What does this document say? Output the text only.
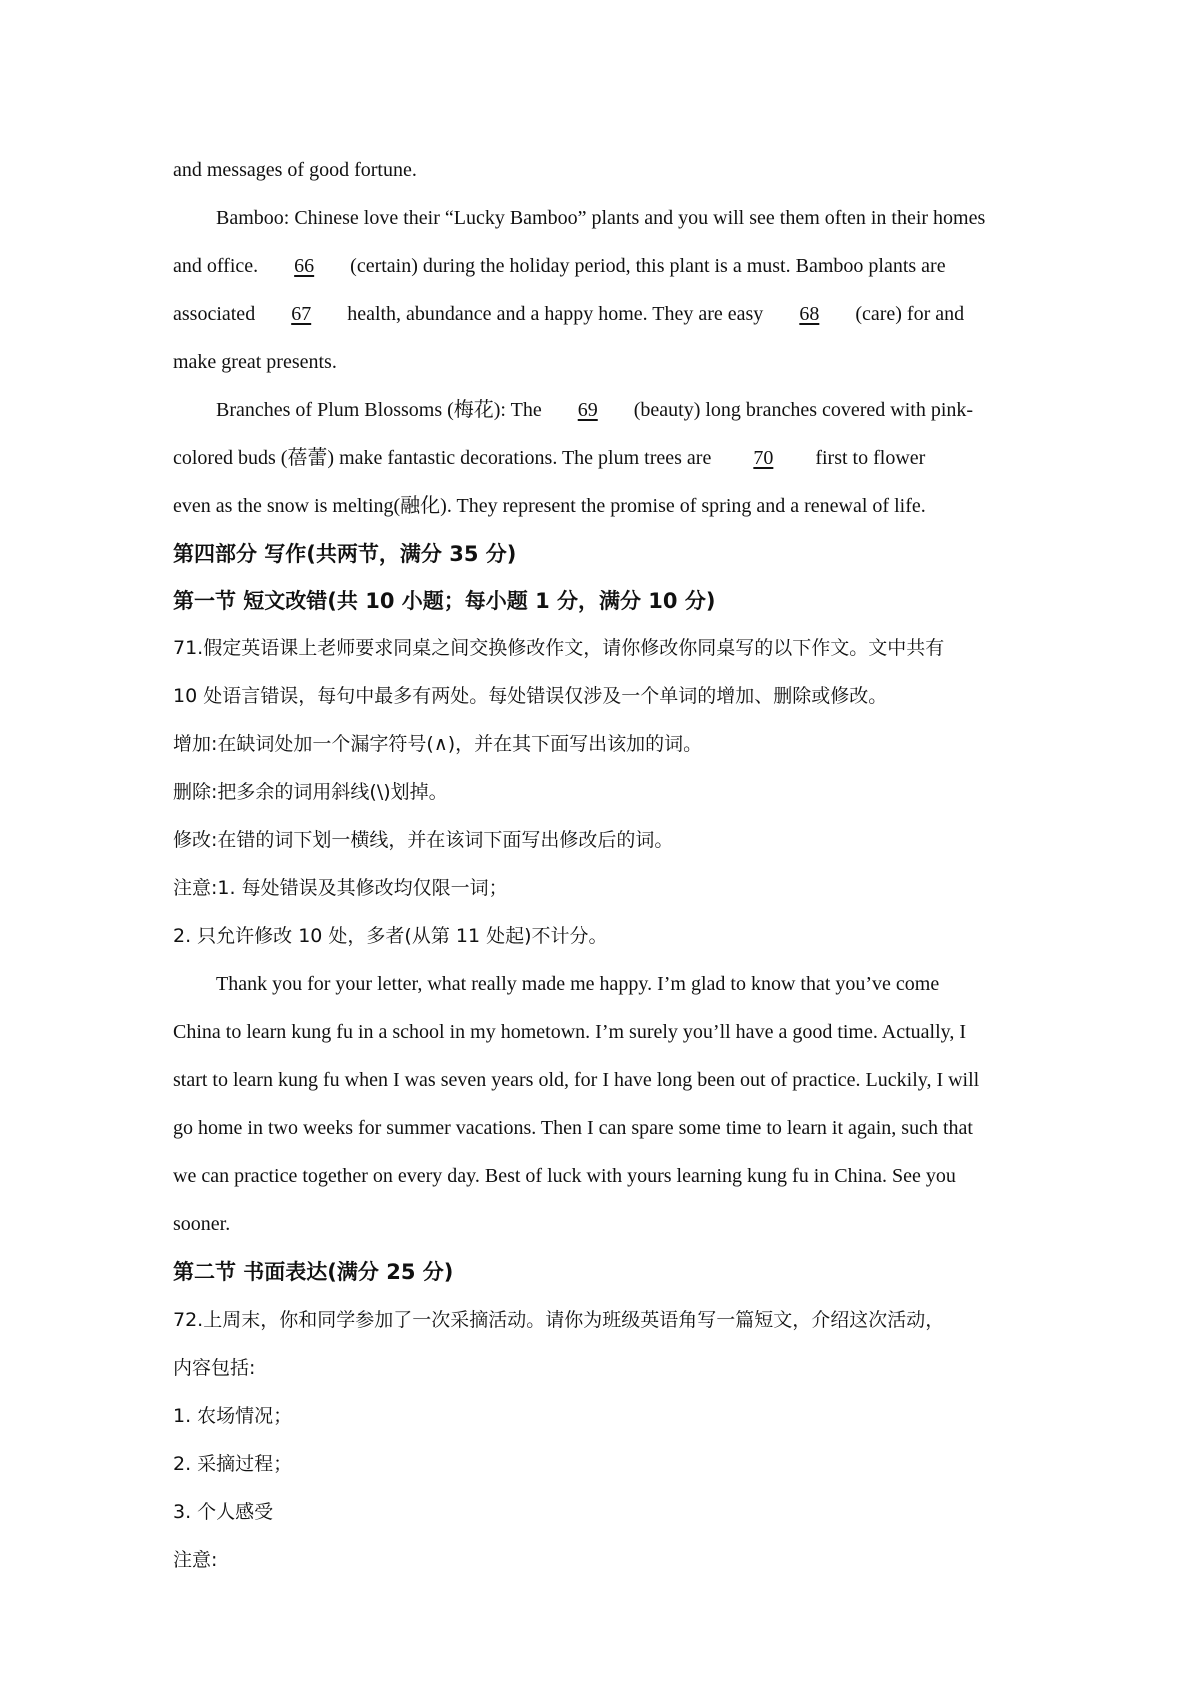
and messages of good fortune.
Bamboo: Chinese love their “Lucky Bamboo” plants and you will see them often in their homes
and office. 66 (certain) during the holiday period, this plant is a must. Bamboo plants are
associated 67 health, abundance and a happy home. They are easy 68 (care) for and
make great presents.
Branches of Plum Blossoms (梅花): The 69 (beauty) long branches covered with pink-
colored buds (蓓蕾) make fantastic decorations. The plum trees are 70 first to flower
even as the snow is melting(融化). They represent the promise of spring and a renewal of life.
第四部分 写作(共两节，满分 35 分)
第一节 短文改错(共 10 小题；每小题 1 分，满分 10 分)
71.假定英语课上老师要求同桌之间交换修改作文，请你修改你同桌写的以下作文。文中共有
10 处语言错误，每句中最多有两处。每处错误仅涉及一个单词的增加、删除或修改。
增加:在缺词处加一个漏字符号(∧)，并在其下面写出该加的词。
删除:把多余的词用斜线(\)划掉。
修改:在错的词下划一横线，并在该词下面写出修改后的词。
注意:1. 每处错误及其修改均仅限一词；
2. 只允许修改 10 处，多者(从第 11 处起)不计分。
Thank you for your letter, what really made me happy. I’m glad to know that you’ve come
China to learn kung fu in a school in my hometown. I’m surely you’ll have a good time. Actually, I
start to learn kung fu when I was seven years old, for I have long been out of practice. Luckily, I will
go home in two weeks for summer vacations. Then I can spare some time to learn it again, such that
we can practice together on every day. Best of luck with yours learning kung fu in China. See you
sooner.
第二节 书面表达(满分 25 分)
72.上周末，你和同学参加了一次采摘活动。请你为班级英语角写一篇短文，介绍这次活动，
内容包括:
1. 农场情况；
2. 采摘过程；
3. 个人感受
注意:
